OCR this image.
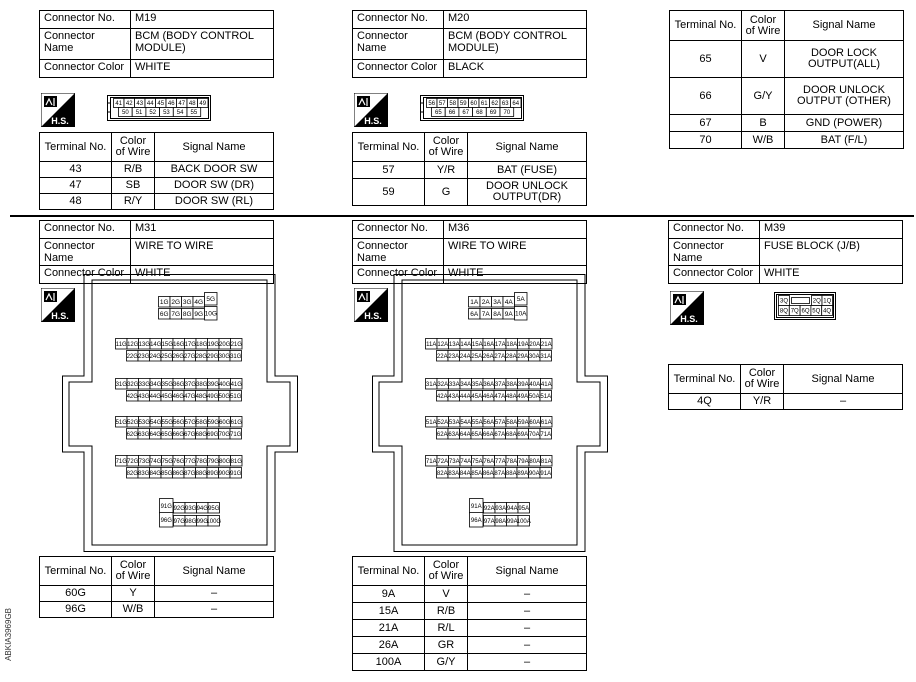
Connector No.	M19
Connector Name	BCM (BODY CONTROL MODULE)
Connector Color	WHITE
H.S.
41 42 43 44 45 46 47 48 49
50 51 52 53 54 55
Terminal No.	Color of Wire	Signal Name
43	R/B	BACK DOOR SW
47	SB	DOOR SW (DR)
48	R/Y	DOOR SW (RL)
Connector No.	M20
Connector Name	BCM (BODY CONTROL MODULE)
Connector Color	BLACK
H.S.
56 57 58 59 60 61 62 63 64
65 66 67 68 69 70
Terminal No.	Color of Wire	Signal Name
57	Y/R	BAT (FUSE)
59	G	DOOR UNLOCK OUTPUT(DR)
Terminal No.	Color of Wire	Signal Name
65	V	DOOR LOCK OUTPUT(ALL)
66	G/Y	DOOR UNLOCK OUTPUT (OTHER)
67	B	GND (POWER)
70	W/B	BAT (F/L)
Connector No.	M31
Connector Name	WIRE TO WIRE
Connector Color	WHITE
H.S.
1G 2G 3G 4G 5G
6G 7G 8G 9G 10G
11G 12G 13G 14G 15G 16G 17G 18G 19G 20G 21G
22G 23G 24G 25G 26G 27G 28G 29G 30G 31G
31G 32G 33G 34G 35G 36G 37G 38G 39G 40G 41G
42G 43G 44G 45G 46G 47G 48G 49G 50G 51G
51G 52G 53G 54G 55G 56G 57G 58G 59G 60G 61G
62G 63G 64G 65G 66G 67G 68G 69G 70G 71G
71G 72G 73G 74G 75G 76G 77G 78G 79G 80G 81G
82G 83G 84G 85G 86G 87G 88G 89G 90G 91G
91G 92G 93G 94G 95G
96G 97G 98G 99G
100G
Terminal No.	Color of Wire	Signal Name
60G	Y	–
96G	W/B	–
Connector No.	M36
Connector Name	WIRE TO WIRE
Connector Color	WHITE
H.S.
1A 2A 3A 4A 5A
6A 7A 8A 9A 10A
11A 12A 13A 14A 15A 16A 17A 18A 19A 20A 21A
22A 23A 24A 25A 26A 27A 28A 29A 30A 31A
31A 32A 33A 34A 35A 36A 37A 38A 39A 40A 41A
42A 43A 44A 45A 46A 47A 48A 49A 50A 51A
51A 52A 53A 54A 55A 56A 57A 58A 59A 60A 61A
62A 63A 64A 65A 66A 67A 68A 69A 70A 71A
71A 72A 73A 74A 75A 76A 77A 78A 79A 80A 81A
82A 83A 84A 85A 86A 87A 88A 89A 90A 91A
91A 92A 93A 94A 95A
96A 97A 98A 99A 100A
Terminal No.	Color of Wire	Signal Name
9A	V	–
15A	R/B	–
21A	R/L	–
26A	GR	–
100A	G/Y	–
Connector No.	M39
Connector Name	FUSE BLOCK (J/B)
Connector Color	WHITE
H.S.
3Q	2Q 1Q
8Q 7Q 6Q 5Q 4Q
Terminal No.	Color of Wire	Signal Name
4Q	Y/R	–
ABKIA3969GB
